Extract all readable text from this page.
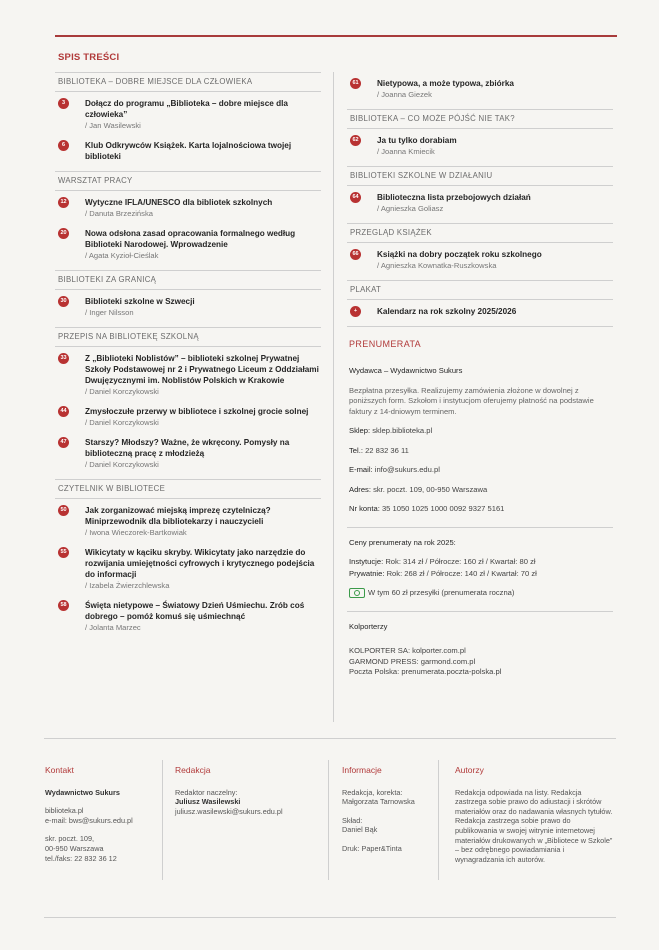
SPIS TREŚCI
BIBLIOTEKA – DOBRE MIEJSCE DLA CZŁOWIEKA
3	Dołącz do programu „Biblioteka – dobre miejsce dla człowieka”
/ Jan Wasilewski
6	Klub Odkrywców Książek. Karta lojalnościowa twojej biblioteki
WARSZTAT PRACY
12 Wytyczne IFLA/UNESCO dla bibliotek szkolnych
/ Danuta Brzezińska
20 Nowa odsłona zasad opracowania formalnego według Biblioteki Narodowej. Wprowadzenie
/ Agata Kyzioł-Cieślak
BIBLIOTEKI ZA GRANICĄ
30 Biblioteki szkolne w Szwecji
/ Inger Nilsson
PRZEPIS NA BIBLIOTEKĘ SZKOLNĄ
33 Z „Biblioteki Noblistów” – biblioteki szkolnej Prywatnej Szkoły Podstawowej nr 2 i Prywatnego Liceum z Oddziałami Dwujęzycznymi im. Noblistów Polskich w Krakowie
/ Daniel Korczykowski
44 Zmysłoczułe przerwy w bibliotece i szkolnej grocie solnej
/ Daniel Korczykowski
47 Starszy? Młodszy? Ważne, że wkręcony. Pomysły na biblioteczną pracę z młodzieżą
/ Daniel Korczykowski
CZYTELNIK W BIBLIOTECE
50 Jak zorganizować miejską imprezę czytelniczą? Miniprzewodnik dla bibliotekarzy i nauczycieli
/ Iwona Wieczorek-Bartkowiak
55 Wikicytaty w kąciku skryby. Wikicytaty jako narzędzie do rozwijania umiejętności cyfrowych i krytycznego podejścia do informacji
/ Izabela Żwierzchlewska
58 Święta nietypowe – Światowy Dzień Uśmiechu. Zrób coś dobrego – pomóż komuś się uśmiechnąć
/ Jolanta Marzec
61 Nietypowa, a może typowa, zbiórka
/ Joanna Giezek
BIBLIOTEKA – CO MOŻE PÓJŚĆ NIE TAK?
62 Ja tu tylko dorabiam
/ Joanna Kmiecik
BIBLIOTEKI SZKOLNE W DZIAŁANIU
64 Biblioteczna lista przebojowych działań
/ Agnieszka Goliasz
PRZEGLĄD KSIĄŻEK
66 Książki na dobry początek roku szkolnego
/ Agnieszka Kownatka-Ruszkowska
PLAKAT
+	Kalendarz na rok szkolny 2025/2026
PRENUMERATA
Wydawca – Wydawnictwo Sukurs
Bezpłatna przesyłka. Realizujemy zamówienia złożone w dowolnej z poniższych form. Szkołom i instytucjom oferujemy płatność na podstawie faktury z 14-dniowym terminem.
Sklep: sklep.biblioteka.pl
Tel.: 22 832 36 11
E-mail: info@sukurs.edu.pl
Adres: skr. poczt. 109, 00-950 Warszawa
Nr konta: 35 1050 1025 1000 0092 9327 5161
Ceny prenumeraty na rok 2025:
Instytucje: Rok: 314 zł / Półrocze: 160 zł / Kwartał: 80 zł
Prywatnie: Rok: 268 zł / Półrocze: 140 zł / Kwartał: 70 zł
W tym 60 zł przesyłki (prenumerata roczna)
Kolporterzy
KOLPORTER SA: kolporter.com.pl
GARMOND PRESS: garmond.com.pl
Poczta Polska: prenumerata.poczta-polska.pl
Kontakt
Wydawnictwo Sukurs
biblioteka.pl
e-mail: bws@sukurs.edu.pl
skr. poczt. 109,
00-950 Warszawa
tel./faks: 22 832 36 12
Redakcja
Redaktor naczelny:
Juliusz Wasilewski
juliusz.wasilewski@sukurs.edu.pl
Informacje
Redakcja, korekta:
Małgorzata Tarnowska
Skład:
Daniel Bąk
Druk: Paper&Tinta
Autorzy
Redakcja odpowiada na listy. Redakcja zastrzega sobie prawo do adiustacji i skrótów materiałów oraz do nadawania własnych tytułów. Redakcja zastrzega sobie prawo do publikowania w swojej witrynie internetowej materiałów drukowanych w „Bibliotece w Szkole” – bez odrębnego powiadamiania i wynagradzania ich autorów.
